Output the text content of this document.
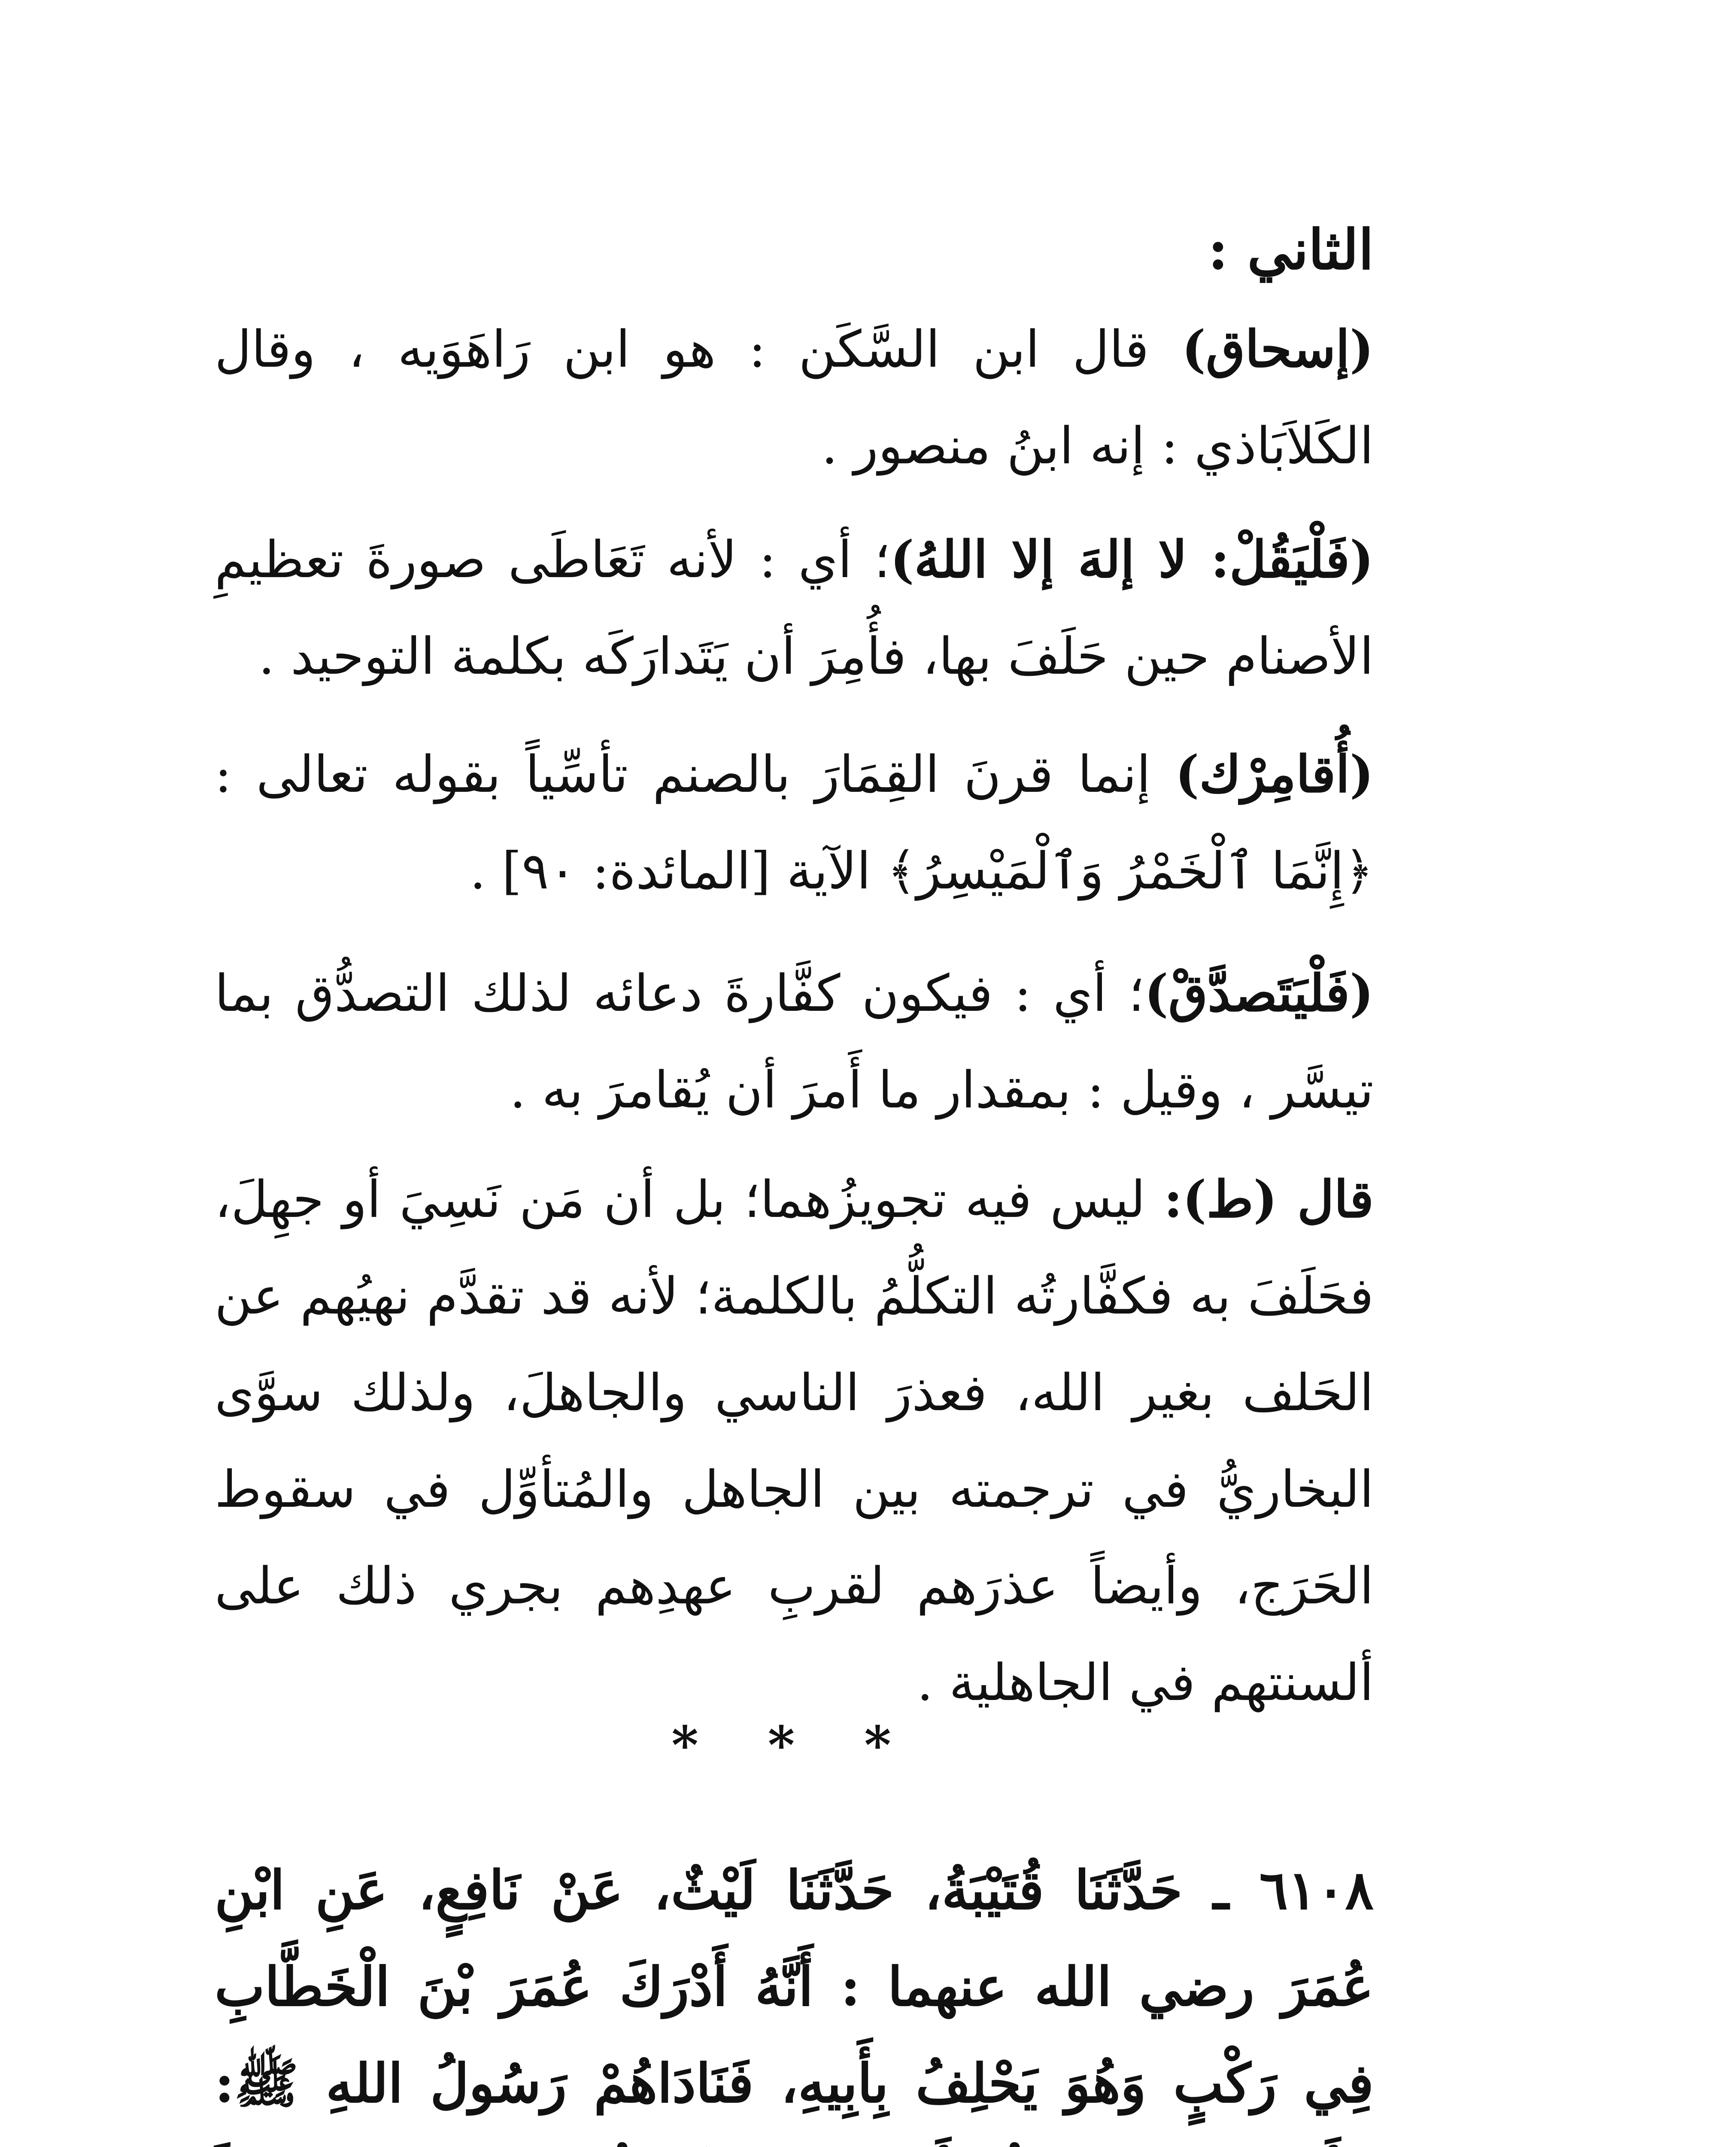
الثاني :
(إسحاق) قال ابن السَّكَن : هو ابن رَاهَوَيه ، وقال الكَلاَبَاذي : إنه ابنُ منصور .
(فَلْيَقُلْ: لا إلهَ إلا اللهُ)؛ أي : لأنه تَعَاطَى صورةَ تعظيمِ الأصنام حين حَلَفَ بها، فأُمِرَ أن يَتَدارَكَه بكلمة التوحيد .
(أُقامِرْك) إنما قرنَ القِمَارَ بالصنم تأسِّياً بقوله تعالى : ﴿إِنَّمَا ٱلْخَمْرُ وَٱلْمَيْسِرُ﴾ الآية [المائدة: ٩٠] .
(فَلْيَتَصدَّقْ)؛ أي : فيكون كفَّارةَ دعائه لذلك التصدُّق بما تيسَّر ، وقيل : بمقدار ما أَمرَ أن يُقامرَ به .
قال (ط): ليس فيه تجويزُهما؛ بل أن مَن نَسِيَ أو جهِلَ، فحَلَفَ به فكفَّارتُه التكلُّمُ بالكلمة؛ لأنه قد تقدَّم نهيُهم عن الحَلف بغير الله، فعذرَ الناسي والجاهلَ، ولذلك سوَّى البخاريُّ في ترجمته بين الجاهل والمُتأوِّل في سقوط الحَرَج، وأيضاً عذرَهم لقربِ عهدِهم بجري ذلك على ألسنتهم في الجاهلية .
* * *
٦١٠٨ ـ حَدَّثَنَا قُتَيْبَةُ، حَدَّثَنَا لَيْثٌ، عَنْ نَافِعٍ، عَنِ ابْنِ عُمَرَ رضي الله عنهما : أَنَّهُ أَدْرَكَ عُمَرَ بْنَ الْخَطَّابِ فِي رَكْبٍ وَهُوَ يَحْلِفُ بِأَبِيهِ، فَنَادَاهُمْ رَسُولُ اللهِ ﷺ:
